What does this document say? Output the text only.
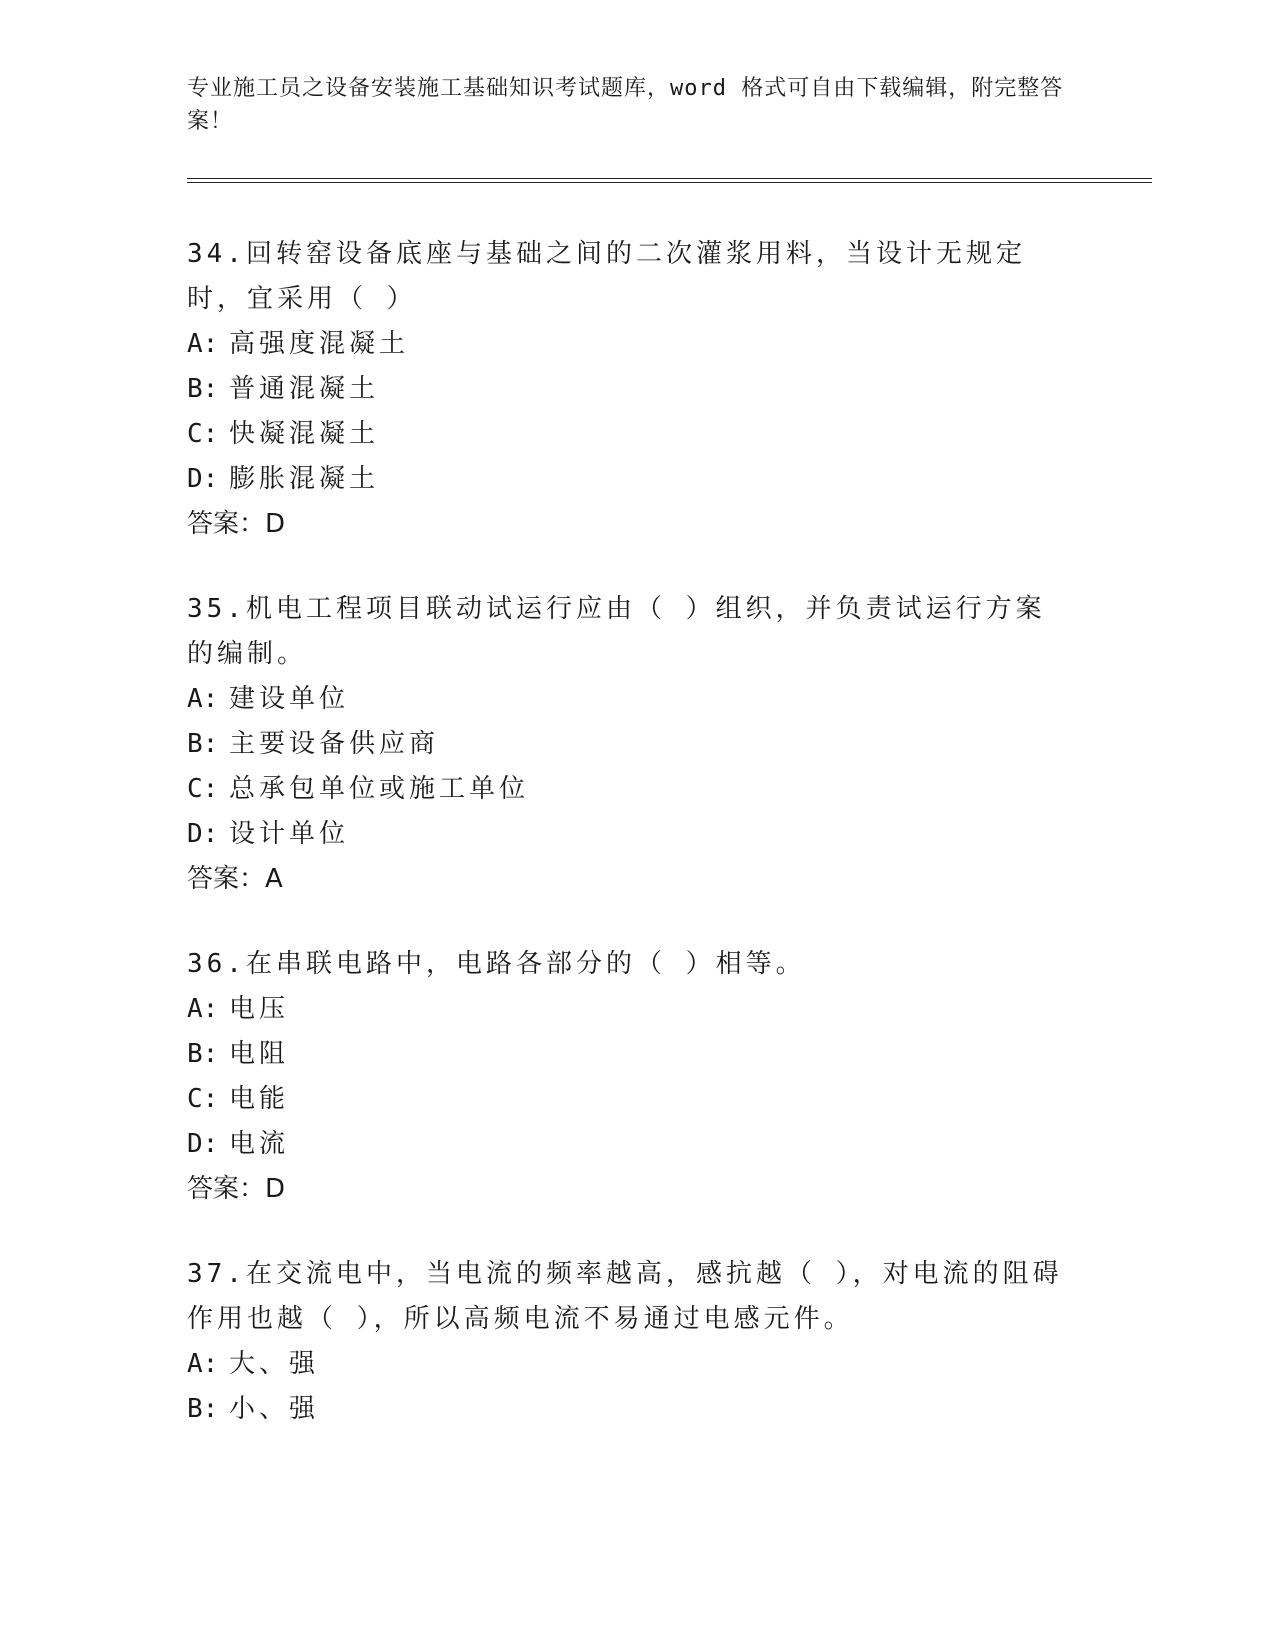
专业施工员之设备安装施工基础知识考试题库，word 格式可自由下载编辑，附完整答案！

34.回转窑设备底座与基础之间的二次灌浆用料，当设计无规定时，宜采用（ ）

A: 高强度混凝土

B: 普通混凝土

C: 快凝混凝土

D: 膨胀混凝土

答案：D

35.机电工程项目联动试运行应由（ ）组织，并负责试运行方案的编制。

A: 建设单位

B: 主要设备供应商

C: 总承包单位或施工单位

D: 设计单位

答案：A

36.在串联电路中，电路各部分的（ ）相等。

A: 电压

B: 电阻

C: 电能

D: 电流

答案：D

37.在交流电中，当电流的频率越高，感抗越（ ），对电流的阻碍作用也越（ ），所以高频电流不易通过电感元件。

A: 大、强

B: 小、强
